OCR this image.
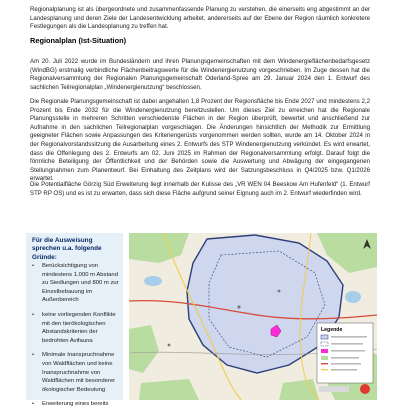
Regionalplanung ist als übergeordnete und zusammenfassende Planung zu verstehen, die einerseits eng abgestimmt an der Landesplanung und deren Ziele der Landesentwicklung arbeitet, andererseits auf der Ebene der Region räumlich konkretere Festlegungen als die Landesplanung zu treffen hat.

Regionalplan (Ist-Situation)

Am 20. Juli 2022 wurde im Bundesländern und ihren Planungsgemeinschaften mit dem Windenergieflächenbedarfsgesetz (WindBG) erstmalig verbindliche Flächenbeitragswerte für die Windenergienutzung vorgeschrieben. Im Zuge dessen hat die Regionalversammlung der Regionalen Planungsgemeinschaft Oderland-Spree am 29. Januar 2024 den 1. Entwurf des sachlichen Teilregionalplan „Windenergienutzung“ beschlossen.

Die Regionale Planungsgemeinschaft ist dabei angehalten 1,8 Prozent der Regionsfläche bis Ende 2027 und mindestens 2,2 Prozent bis Ende 2032 für die Windenergienutzung bereitzustellen. Um dieses Ziel zu erreichen hat die Regionale Planungsstelle in mehreren Schritten verschiedenste Flächen in der Region überprüft, bewertet und anschließend zur Aufnahme in den sachlichen Teilregionalplan vorgeschlagen. Die Änderungen hinsichtlich der Methodik zur Ermittlung geeigneter Flächen sowie Anpassungen des Kriteriengerüsts vorgenommen werden sollten, wurde am 14. Oktober 2024 in der Regionalvorstandssitzung die Ausarbeitung eines 2. Entwurfs des STP Windenergienutzung verkündet. Es wird erwartet, dass die Offenlegung des 2. Entwurfs am 02. Juni 2025 im Rahmen der Regionalversammlung erfolgt. Darauf folgt die förmliche Beteiligung der Öffentlichkeit und der Behörden sowie die Auswertung und Abwägung der eingegangenen Stellungnahmen zum Planentwurf. Bei Einhaltung des Zeitplans wird der Satzungsbeschluss in Q4/2025 bzw. Q1/2026 erwartet.

Die Potentialfläche Görzig Süd Erweiterung liegt innerhalb der Kulisse des „VR WEN 04 Beeskow Am Hufenfeld“ (1. Entwurf STP RP OS) und es ist zu erwarten, dass sich diese Fläche aufgrund seiner Eignung auch im 2. Entwurf wiederfinden wird.

Für die Ausweisung sprechen u.a. folgende Gründe:

• Berücksichtigung von mindestens 1.000 m Abstand zu Siedlungen und 800 m zur Einzelbebauung im Außenbereich
• keine vorliegenden Konflikte mit den tierökologischen Abstandskriterien der bedrohten Avifauna
• Minimale Inanspruchnahme von Waldflächen und keine Inanspruchnahme von Waldflächen mit besonderer ökologischer Bedeutung
• Erweiterung eines bereits
Legende
